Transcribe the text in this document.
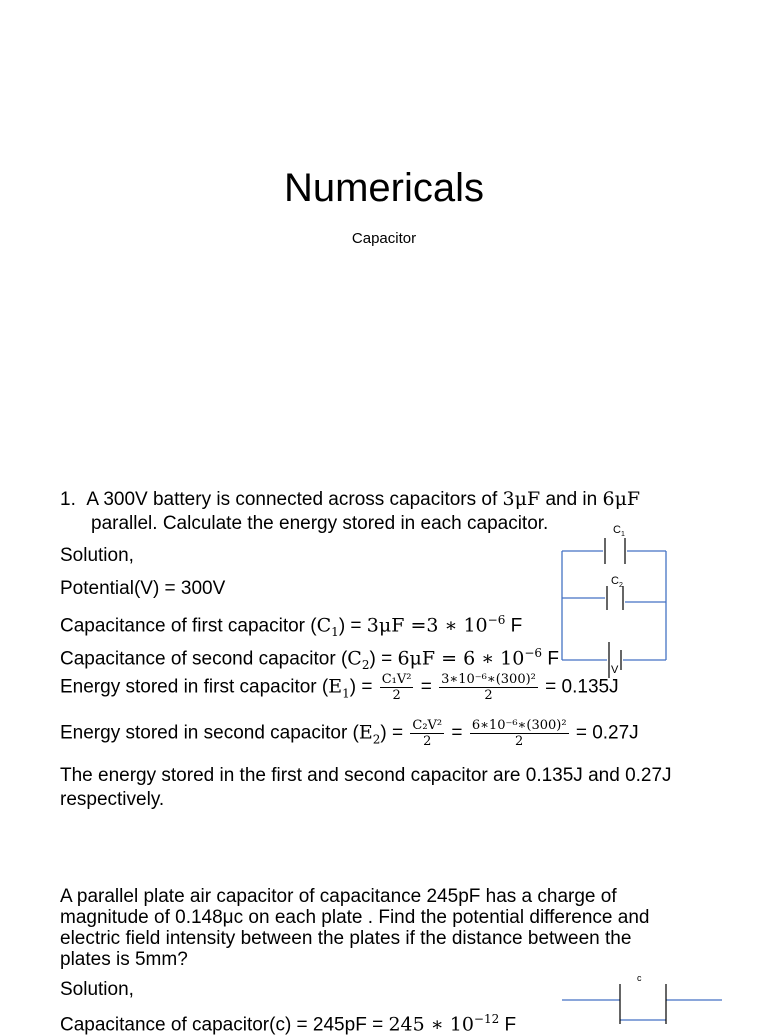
Numericals
Capacitor
1. A 300V battery is connected across capacitors of 3μF and in 6μF
parallel. Calculate the energy stored in each capacitor.
Solution,
Potential(V) = 300V
Capacitance of first capacitor $(C_1) = 3\mu F =3$ ∗ $10^{-6}$ F
Capacitance of second capacitor $(C_2) = 6\mu F = 6$ ∗ $10^{-6}$ F
Energy stored in first capacitor $(E_1) = \frac{\text{C₁V²}}{2} = \frac{\text{3∗10⁻⁶∗(300)²}}{2} = 0.135J$
Energy stored in second capacitor $(E_2) = \frac{\text{C₂V²}}{2} = \frac{\text{6∗10⁻⁶∗(300)²}}{2} = 0.27J$
The energy stored in the first and second capacitor are 0.135J and 0.27J
respectively.
$C_1$
$C_2$
V
A parallel plate air capacitor of capacitance 245pF has a charge of
magnitude of 0.148μc on each plate . Find the potential difference and
electric field intensity between the plates if the distance between the
plates is 5mm?
Solution,
Capacitance of capacitor(c) = 245pF = 245 ∗ $10^{-12}$ F
c
